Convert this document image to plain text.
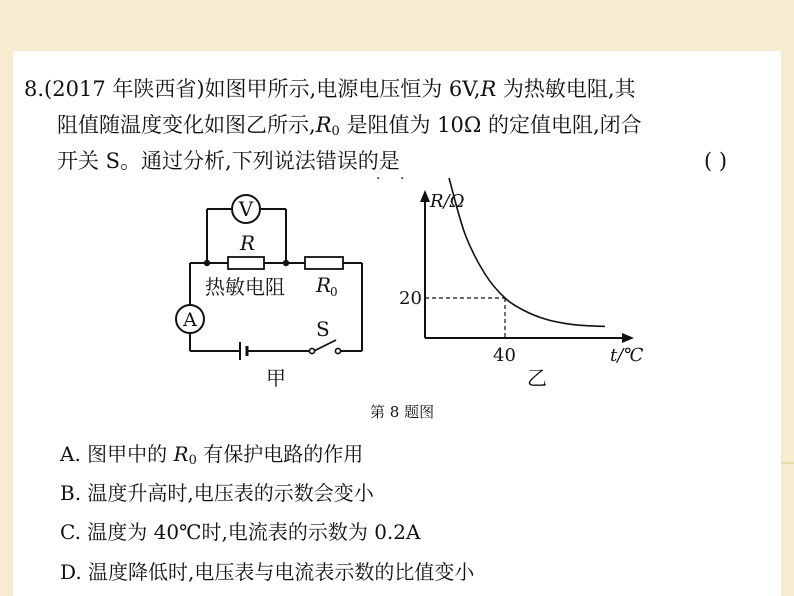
8.(2017 年陕西省)如图甲所示,电源电压恒为 6V,R 为热敏电阻,其
阻值随温度变化如图乙所示$,R_0$ 是阻值为 10Ω 的定值电阻,闭合
开关 S。通过分析,下列说法错误的是	( )
· ·
V
A
R
热敏电阻 R
0
S
甲
R/Ω
t/℃
20
40
乙
第 8 题图
A. 图甲中的 $R_0$ 有保护电路的作用
B. 温度升高时,电压表的示数会变小
C. 温度为 40℃时,电流表的示数为 0.2A
D. 温度降低时,电压表与电流表示数的比值变小
